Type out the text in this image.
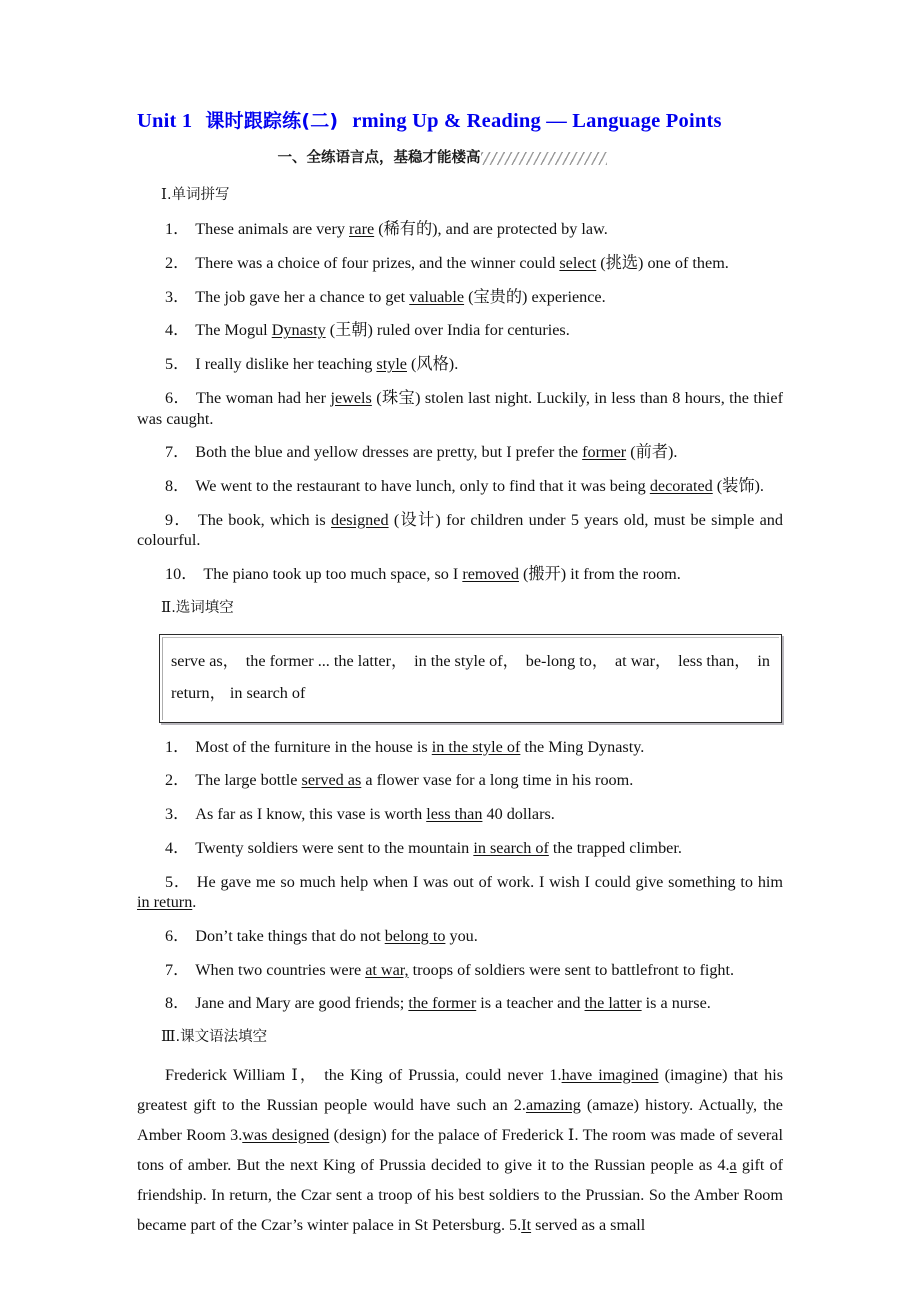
Unit 1 课时跟踪练(二) rming Up & Reading — Language Points
一、全练语言点，基稳才能楼高
Ⅰ.单词拼写

1． These animals are very rare (稀有的), and are protected by law.

2． There was a choice of four prizes, and the winner could select (挑选) one of them.

3． The job gave her a chance to get valuable (宝贵的) experience.

4． The Mogul Dynasty (王朝) ruled over India for centuries.

5． I really dislike her teaching style (风格).

6． The woman had her jewels (珠宝) stolen last night. Luckily, in less than 8 hours, the thief was caught.

7． Both the blue and yellow dresses are pretty, but I prefer the former (前者).

8． We went to the restaurant to have lunch, only to find that it was being decorated (装饰).

9． The book, which is designed (设计) for children under 5 years old, must be simple and colourful.

10． The piano took up too much space, so I removed (搬开) it from the room.

Ⅱ.选词填空
serve as， the former ... the latter， in the style of， be-long to， at war， less than， in
return， in search of

1． Most of the furniture in the house is in the style of the Ming Dynasty.

2． The large bottle served as a flower vase for a long time in his room.

3． As far as I know, this vase is worth less than 40 dollars.

4． Twenty soldiers were sent to the mountain in search of the trapped climber.

5． He gave me so much help when I was out of work. I wish I could give something to him in return.

6． Don’t take things that do not belong to you.

7． When two countries were at war, troops of soldiers were sent to battlefront to fight.

8． Jane and Mary are good friends; the former is a teacher and the latter is a nurse.

Ⅲ.课文语法填空

Frederick William Ⅰ， the King of Prussia, could never 1.have imagined (imagine) that his greatest gift to the Russian people would have such an 2.amazing (amaze) history. Actually, the Amber Room 3.was designed (design) for the palace of Frederick Ⅰ. The room was made of several tons of amber. But the next King of Prussia decided to give it to the Russian people as 4.a gift of friendship. In return, the Czar sent a troop of his best soldiers to the Prussian. So the Amber Room became part of the Czar’s winter palace in St Petersburg. 5.It served as a small
